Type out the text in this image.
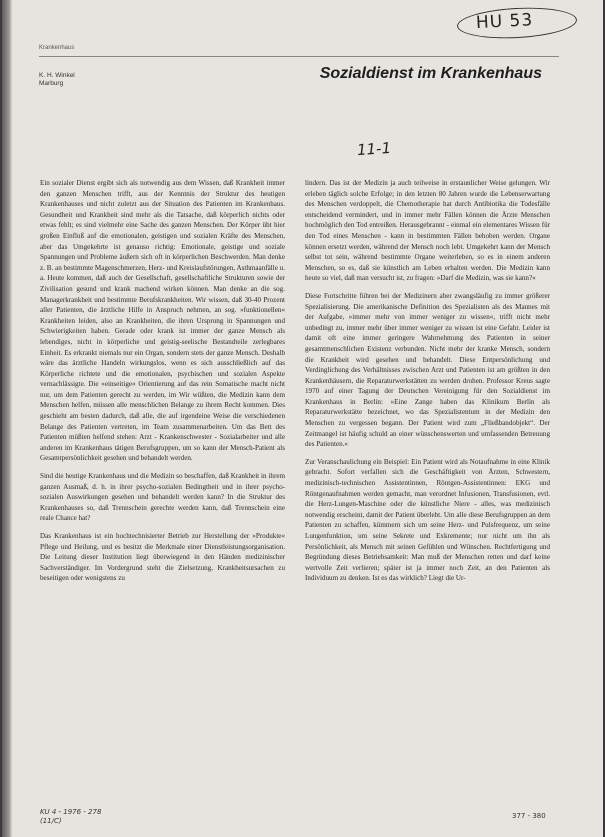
HU 53
Krankenhaus
K. H. Winkel
Marburg
Sozialdienst im Krankenhaus
11-1

Ein sozialer Dienst ergibt sich als notwendig aus dem Wissen, daß Krankheit immer den ganzen Menschen trifft, aus der Kenntnis der Struktur des heutigen Krankenhauses und nicht zuletzt aus der Situation des Patienten im Krankenhaus. Gesundheit und Krankheit sind mehr als die Tatsache, daß körperlich nichts oder etwas fehlt; es sind vielmehr eine Sache des ganzen Menschen. Der Körper übt hier großen Einfluß auf die emotionalen, geistigen und sozialen Kräfte des Menschen, aber das Umgekehrte ist genauso richtig: Emotionale, geistige und soziale Spannungen und Probleme äußern sich oft in körperlichen Beschwerden. Man denke z. B. an bestimmte Magenschmerzen, Herz- und Kreislaufstörungen, Asthmaanfälle u. a. Heute kommen, daß auch der Gesellschaft, gesellschaftliche Strukturen sowie der Zivilisation gesund und krank machend wirken können. Man denke an die sog. Managerkrankheit und bestimmte Berufskrankheiten. Wir wissen, daß 30-40 Prozent aller Patienten, die ärztliche Hilfe in Anspruch nehmen, an sog. »funktionellen« Krankheiten leiden, also an Krankheiten, die ihren Ursprung in Spannungen und Schwierigkeiten haben. Gerade oder krank ist immer der ganze Mensch als lebendiges, nicht in körperliche und geistig-seelische Bestandteile zerlegbares Einheit. Es erkrankt niemals nur ein Organ, sondern stets der ganze Mensch. Deshalb wäre das ärztliche Handeln wirkungslos, wenn es sich ausschließlich auf das Körperliche richtete und die emotionalen, psychischen und sozialen Aspekte vernachlässigte. Die »einseitige« Orientierung auf das rein Somatische macht nicht nur, um dem Patienten gerecht zu werden, im Wir wüßten, die Medizin kann dem Menschen helfen, müssen alle menschlichen Belange zu ihrem Recht kommen. Dies geschieht am besten dadurch, daß alle, die auf irgendeine Weise die verschiedenen Belange des Patienten vertreten, im Team zusammenarbeiten. Um das Bett des Patienten müßten helfend stehen: Arzt - Krankenschwester - Sozialarbeiter und alle anderen im Krankenhaus tätigen Berufsgruppen, um so kann der Mensch-Patient als Gesamtpersönlichkeit gesehen und behandelt werden.

Sind die heutige Krankenhaus und die Medizin so beschaffen, daß Krankheit in ihrem ganzen Ausmaß, d. h. in ihrer psycho-sozialen Bedingtheit und in ihrer psycho-sozialen Auswirkungen gesehen und behandelt werden kann? In die Struktur des Krankenhauses so, daß Trennschein gerechte werden kann, daß Trennschein eine reale Chance hat?

Das Krankenhaus ist ein hochtechnisierter Betrieb zur Herstellung der »Produkte« Pflege und Heilung, und es besitzt die Merkmale einer Dienstleistungsorganisation. Die Leitung dieser Institution liegt überwiegend in den Händen medizinischer Sachverständiger. Im Vordergrund steht die Zielsetzung, Krankheitsursachen zu beseitigen oder wenigstens zu

lindern. Das ist der Medizin ja auch teilweise in erstaunlicher Weise gelungen. Wir erleben täglich solche Erfolge; in den letzten 80 Jahren wurde die Lebenserwartung des Menschen verdoppelt, die Chemotherapie hat durch Antibiotika die Todesfälle entscheidend vermindert, und in immer mehr Fällen können die Ärzte Menschen hochmöglich den Tod entreißen. Herausgebrannt - einmal ein elementares Wissen für den Tod eines Menschen - kann in bestimmten Fällen behoben werden. Organe können ersetzt werden, während der Mensch noch lebt. Umgekehrt kann der Mensch selbst tot sein, während bestimmte Organe weiterleben, so es in einem anderen Menschen, so es, daß sie künstlich am Leben erhalten werden. Die Medizin kann heute so viel, daß man versucht ist, zu fragen: »Darf die Medizin, was sie kann?«

Diese Fortschritte führen bei der Medizinern aber zwangsläufig zu immer größerer Spezialisierung. Die amerikanische Definition des Spezialisten als des Mannes mit der Aufgabe, »immer mehr von immer weniger zu wissen«, trifft nicht mehr unbedingt zu, immer mehr über immer weniger zu wissen ist eine Gefahr. Leider ist damit oft eine immer geringere Wahrnehmung des Patienten in seiner gesamtmenschlichen Existenz verbunden. Nicht mehr der kranke Mensch, sondern die Krankheit wird gesehen und behandelt. Diese Entpersönlichung und Verdinglichung des Verhältnisses zwischen Arzt und Patienten ist am größten in den Krankenhäusern, die Reparaturwerkstätten zu werden drohen. Professor Kreus sagte 1970 auf einer Tagung der Deutschen Vereinigung für den Sozialdienst im Krankenhaus in Berlin: »Eine Zange haben das Klinikum Berlin als Reparaturwerkstätte bezeichnet, wo das Spezialistentum in der Medizin den Menschen zu vergessen begann. Der Patient wird zum „Fließbandobjekt“. Der Zeitmangel ist häufig schuld an einer wünschenswerten und umfassenden Betreuung des Patienten.«

Zur Veranschaulichung ein Beispiel: Ein Patient wird als Notaufnahme in eine Klinik gebracht. Sofort verfallen sich die Geschäftigkeit von Ärzten, Schwestern, medizinisch-technischen Assistentinnen, Röntgen-Assistentinnen: EKG und Röntgenaufnahmen werden gemacht, man verordnet Infusionen, Transfusionen, evtl. die Herz-Lungen-Maschine oder die künstliche Niere - alles, was medizinisch notwendig erscheint, damit der Patient überlebt. Um alle diese Berufsgruppen an dem Patienten zu schaffen, kümmern sich um seine Herz- und Pulsfrequenz, um seine Lungenfunktion, um seine Sekrete und Exkremente; nur nicht um ihn als Persönlichkeit, als Mensch mit seinen Gefühlen und Wünschen. Rechtfertigung und Begründung dieses Betriebsamkeit: Man muß der Menschen retten und darf keine wertvolle Zeit verlieren; später ist ja immer noch Zeit, an den Patienten als Individuum zu denken. Ist es das wirklich? Liegt die Ur-

KU 4 - 1976 - 278
(11/C)
377 - 380
